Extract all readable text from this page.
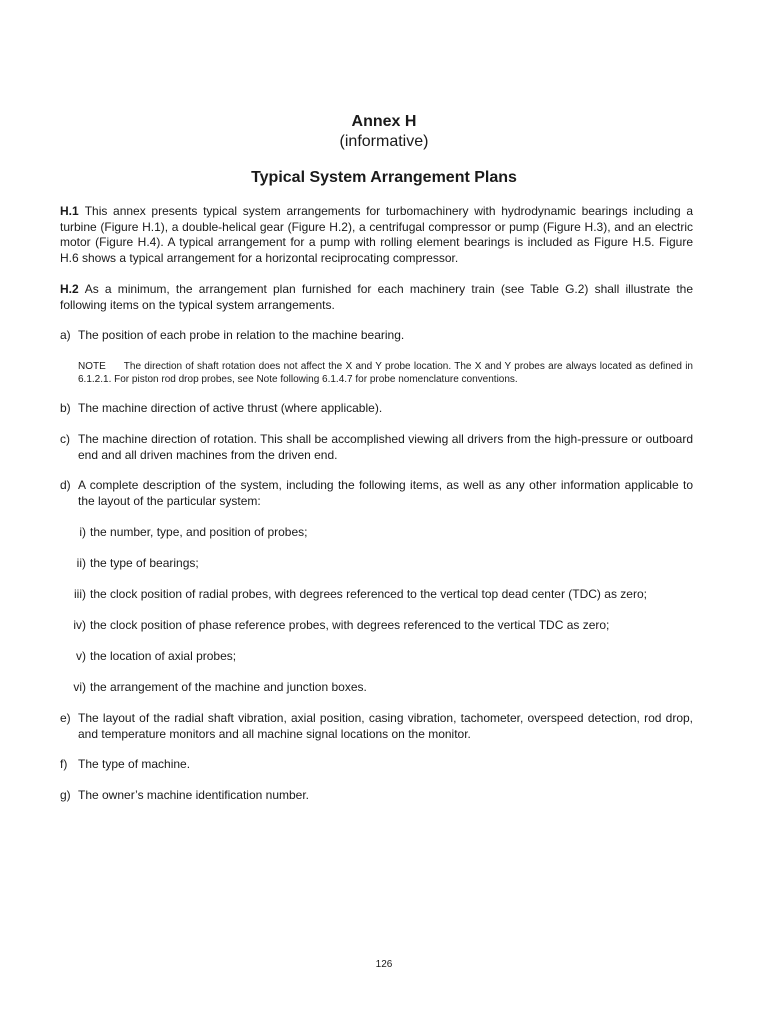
Annex H
(informative)
Typical System Arrangement Plans
H.1 This annex presents typical system arrangements for turbomachinery with hydrodynamic bearings including a turbine (Figure H.1), a double-helical gear (Figure H.2), a centrifugal compressor or pump (Figure H.3), and an electric motor (Figure H.4). A typical arrangement for a pump with rolling element bearings is included as Figure H.5. Figure H.6 shows a typical arrangement for a horizontal reciprocating compressor.
H.2 As a minimum, the arrangement plan furnished for each machinery train (see Table G.2) shall illustrate the following items on the typical system arrangements.
a) The position of each probe in relation to the machine bearing.
NOTE The direction of shaft rotation does not affect the X and Y probe location. The X and Y probes are always located as defined in 6.1.2.1. For piston rod drop probes, see Note following 6.1.4.7 for probe nomenclature conventions.
b) The machine direction of active thrust (where applicable).
c) The machine direction of rotation. This shall be accomplished viewing all drivers from the high-pressure or outboard end and all driven machines from the driven end.
d) A complete description of the system, including the following items, as well as any other information applicable to the layout of the particular system:
i) the number, type, and position of probes;
ii) the type of bearings;
iii) the clock position of radial probes, with degrees referenced to the vertical top dead center (TDC) as zero;
iv) the clock position of phase reference probes, with degrees referenced to the vertical TDC as zero;
v) the location of axial probes;
vi) the arrangement of the machine and junction boxes.
e) The layout of the radial shaft vibration, axial position, casing vibration, tachometer, overspeed detection, rod drop, and temperature monitors and all machine signal locations on the monitor.
f) The type of machine.
g) The owner’s machine identification number.
126
